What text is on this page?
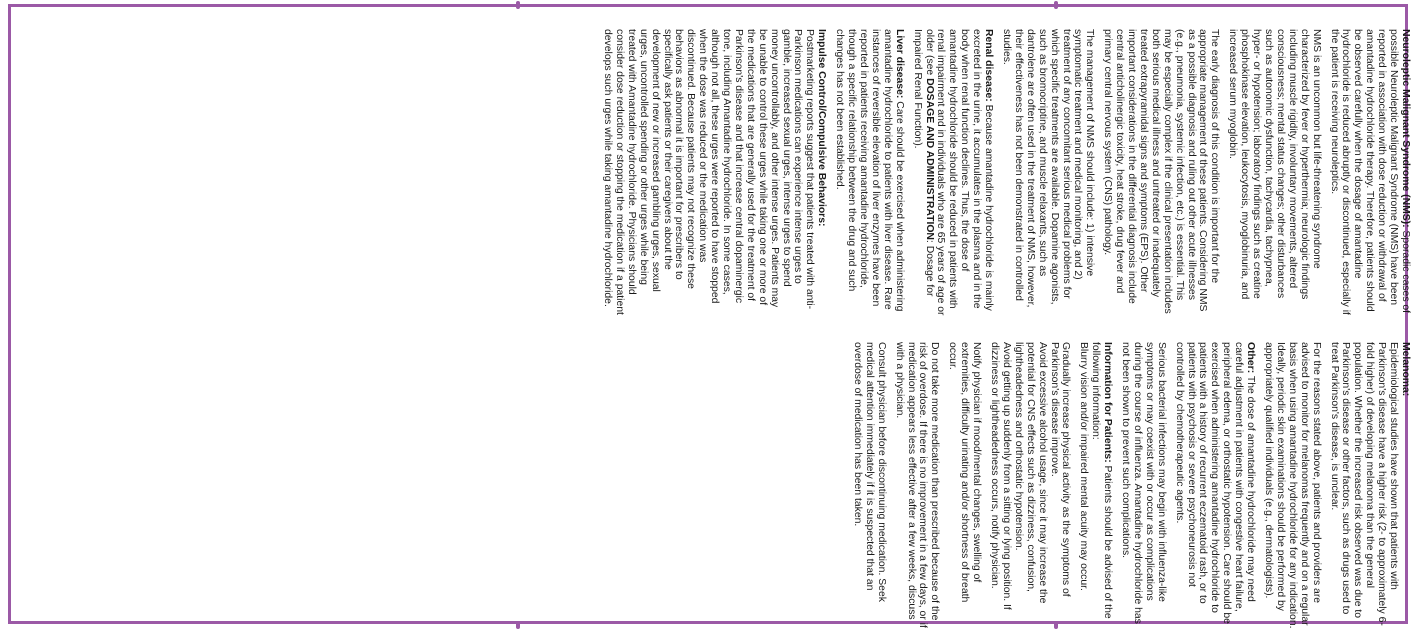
Neuroleptic Malignant Syndrome (NMS): Sporadic cases of possible Neuroleptic Malignant Syndrome (NMS) have been reported in association with dose reduction or withdrawal of amantadine hydrochloride therapy. Therefore, patients should be observed carefully when the dosage of amantadine hydrochloride is reduced abruptly or discontinued, especially if the patient is receiving neuroleptics.

NMS is an uncommon but life-threatening syndrome characterized by fever or hyperthermia; neurologic findings including muscle rigidity, involuntary movements, altered consciousness; mental status changes; other disturbances such as autonomic dysfunction, tachycardia, tachypnea, hyper- or hypotension; laboratory findings such as creatine phosphokinase elevation, leukocytosis, myoglobinuria, and increased serum myoglobin.

The early diagnosis of this condition is important for the appropriate management of these patients. Considering NMS as a possible diagnosis and ruling out other acute illnesses (e.g., pneumonia, systemic infection, etc.) is essential. This may be especially complex if the clinical presentation includes both serious medical illness and untreated or inadequately treated extrapyramidal signs and symptoms (EPS). Other important considerations in the differential diagnosis include central anticholinergic toxicity, heat stroke, drug fever and primary central nervous system (CNS) pathology.

The management of NMS should include: 1) intensive symptomatic treatment and medical monitoring, and 2) treatment of any concomitant serious medical problems for which specific treatments are available. Dopamine agonists, such as bromocriptine, and muscle relaxants, such as dantrolene are often used in the treatment of NMS, however, their effectiveness has not been demonstrated in controlled studies.

Renal disease: Because amantadine hydrochloride is mainly excreted in the urine, it accumulates in the plasma and in the body when renal function declines. Thus, the dose of amantadine hydrochloride should be reduced in patients with renal impairment and in individuals who are 65 years of age or older (see DOSAGE AND ADMINISTRATION: Dosage for Impaired Renal Function).

Liver disease: Care should be exercised when administering amantadine hydrochloride to patients with liver disease. Rare instances of reversible elevation of liver enzymes have been reported in patients receiving amantadine hydrochloride, though a specific relationship between the drug and such changes has not been established.

Impulse Control/Compulsive Behaviors:

Postmarketing reports suggest that patients treated with anti-Parkinson medications can experience intense urges to gamble, increased sexual urges, intense urges to spend money uncontrollably, and other intense urges. Patients may be unable to control these urges while taking one or more of the medications that are generally used for the treatment of Parkinson's disease and that increase central dopaminergic tone, including Amantadine hydrochloride. In some cases, although not all, these urges were reported to have stopped when the dose was reduced or the medication was discontinued. Because patients may not recognize these behaviors as abnormal it is important for prescribers to specifically ask patients or their caregivers about the development of new or increased gambling urges, sexual urges, uncontrolled spending or other urges while being treated with Amantadine hydrochloride. Physicians should consider dose reduction or stopping the medication if a patient develops such urges while taking amantadine hydrochloride.

Melanoma:

Epidemiological studies have shown that patients with Parkinson's disease have a higher risk (2- to approximately 6-fold higher) of developing melanoma than the general population. Whether the increased risk observed was due to Parkinson's disease or other factors, such as drugs used to treat Parkinson's disease, is unclear.

For the reasons stated above, patients and providers are advised to monitor for melanomas frequently and on a regular basis when using amantadine hydrochloride for any indication. Ideally, periodic skin examinations should be performed by appropriately qualified individuals (e.g., dermatologists).

Other: The dose of amantadine hydrochloride may need careful adjustment in patients with congestive heart failure, peripheral edema, or orthostatic hypotension. Care should be exercised when administering amantadine hydrochloride to patients with a history of recurrent eczematoid rash, or to patients with psychosis or severe psychoneurosis not controlled by chemotherapeutic agents.

Serious bacterial infections may begin with influenza-like symptoms or may coexist with or occur as complications during the course of influenza. Amantadine hydrochloride has not been shown to prevent such complications.

Information for Patients: Patients should be advised of the following information:

Blurry vision and/or impaired mental acuity may occur.

Gradually increase physical activity as the symptoms of Parkinson's disease improve.

Avoid excessive alcohol usage, since it may increase the potential for CNS effects such as dizziness, confusion, lightheadedness and orthostatic hypotension.

Avoid getting up suddenly from a sitting or lying position. If dizziness or lightheadedness occurs, notify physician.

Notify physician if mood/mental changes, swelling of extremities, difficulty urinating and/or shortness of breath occur.

Do not take more medication than prescribed because of the risk of overdose. If there is no improvement in a few days, or if medication appears less effective after a few weeks, discuss with a physician.

Consult physician before discontinuing medication. Seek medical attention immediately if it is suspected that an overdose of medication has been taken.
